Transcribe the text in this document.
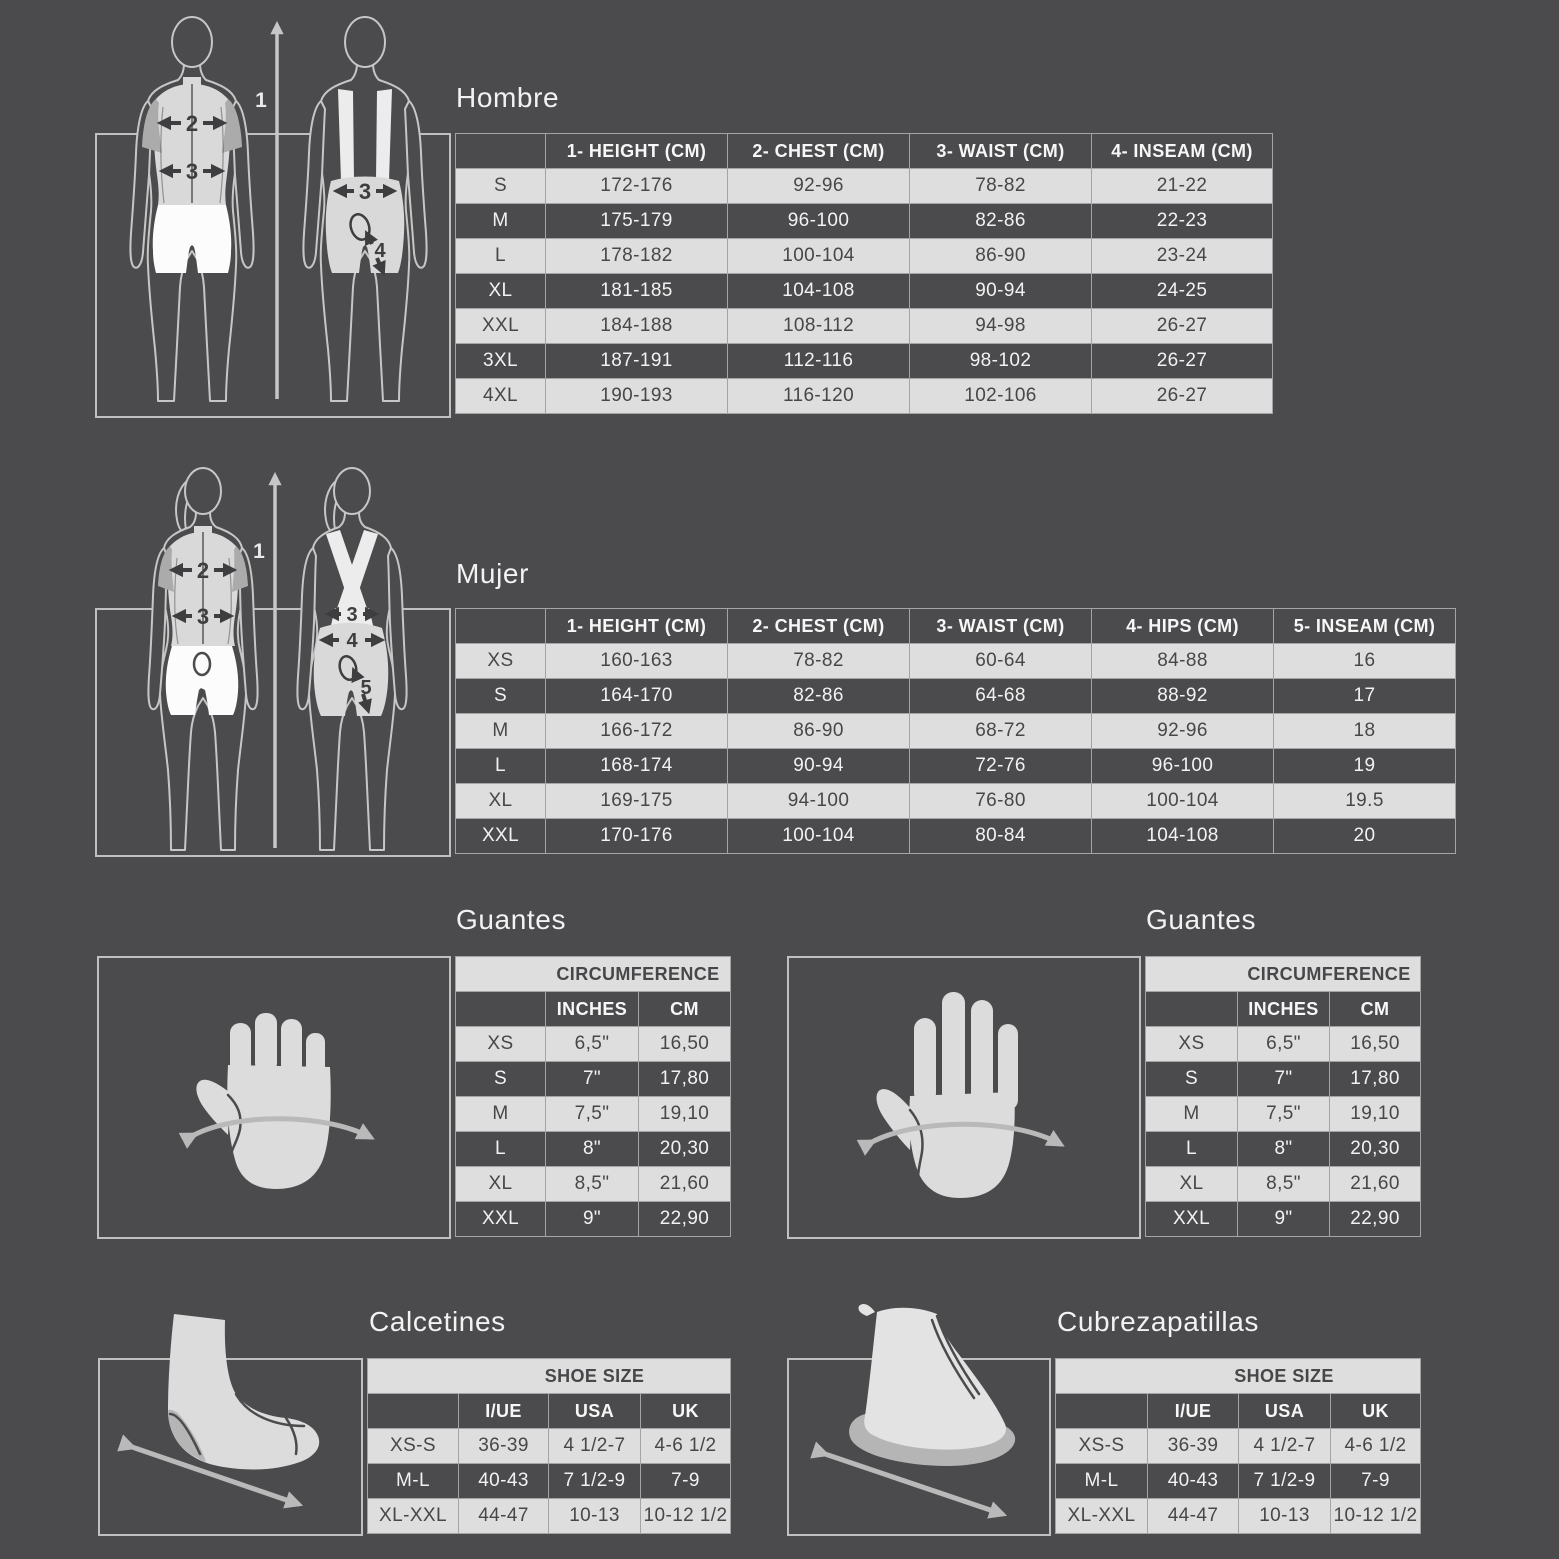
2
3
1
3
4
Hombre
	1- HEIGHT (CM)	2- CHEST (CM)	3- WAIST (CM)	4- INSEAM (CM)
S	172-176	92-96	78-82	21-22
M	175-179	96-100	82-86	22-23
L	178-182	100-104	86-90	23-24
XL	181-185	104-108	90-94	24-25
XXL	184-188	108-112	94-98	26-27
3XL	187-191	112-116	98-102	26-27
4XL	190-193	116-120	102-106	26-27
2
3
1
3
4
5
Mujer
	1- HEIGHT (CM)	2- CHEST (CM)	3- WAIST (CM)	4- HIPS (CM)	5- INSEAM (CM)
XS	160-163	78-82	60-64	84-88	16
S	164-170	82-86	64-68	88-92	17
M	166-172	86-90	68-72	92-96	18
L	168-174	90-94	72-76	96-100	19
XL	169-175	94-100	76-80	100-104	19.5
XXL	170-176	100-104	80-84	104-108	20
Guantes
CIRCUMFERENCE		
	INCHES	CM
XS	6,5"	16,50
S	7"	17,80
M	7,5"	19,10
L	8"	20,30
XL	8,5"	21,60
XXL	9"	22,90
Guantes
CIRCUMFERENCE		
	INCHES	CM
XS	6,5"	16,50
S	7"	17,80
M	7,5"	19,10
L	8"	20,30
XL	8,5"	21,60
XXL	9"	22,90
Calcetines
SHOE SIZE			
	I/UE	USA	UK
XS-S	36-39	4 1/2-7	4-6 1/2
M-L	40-43	7 1/2-9	7-9
XL-XXL	44-47	10-13	10-12 1/2
Cubrezapatillas
SHOE SIZE			
	I/UE	USA	UK
XS-S	36-39	4 1/2-7	4-6 1/2
M-L	40-43	7 1/2-9	7-9
XL-XXL	44-47	10-13	10-12 1/2
